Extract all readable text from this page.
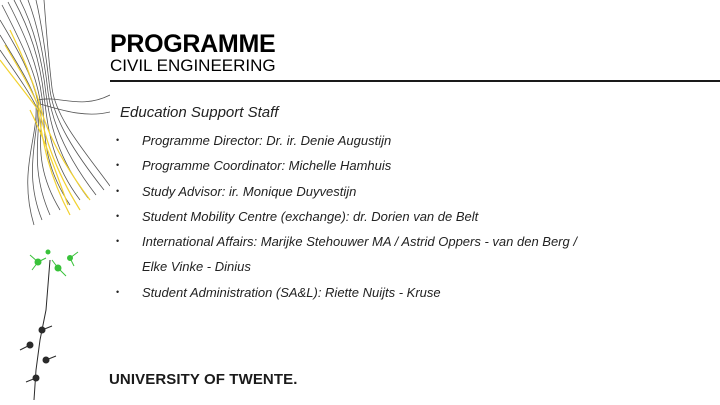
PROGRAMME
CIVIL ENGINEERING
Education Support Staff
•	Programme Director: Dr. ir. Denie Augustijn
•	Programme Coordinator: Michelle Hamhuis
•	Study Advisor: ir. Monique Duyvestijn
•	Student Mobility Centre (exchange): dr. Dorien van de Belt
•	International Affairs: Marijke Stehouwer MA / Astrid Oppers - van den Berg /
Elke Vinke - Dinius
•	Student Administration (SA&L): Riette Nuijts - Kruse
UNIVERSITY OF TWENTE.
